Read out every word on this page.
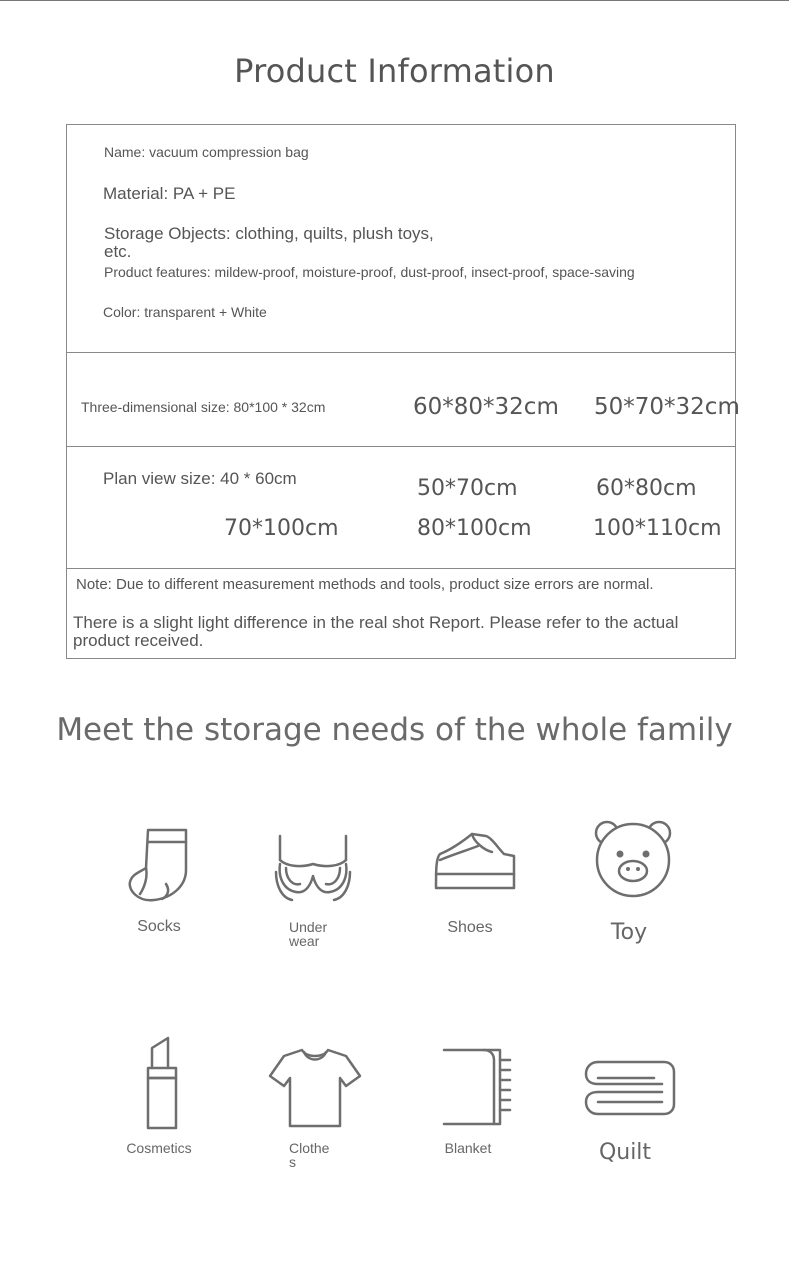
Product Information
Name: vacuum compression bag
Material: PA + PE
Storage Objects: clothing, quilts, plush toys,
etc.
Product features: mildew-proof, moisture-proof, dust-proof, insect-proof, space-saving
Color: transparent + White
Three-dimensional size: 80*100 * 32cm	60*80*32cm 50*70*32cm
Plan view size: 40 * 60cm	50*70cm	60*80cm
70*100cm	80*100cm	100*110cm
Note: Due to different measurement methods and tools, product size errors are normal.
There is a slight light difference in the real shot Report. Please refer to the actual
product received.
Meet the storage needs of the whole family
Socks	Under
wear
Shoes	Toy
Cosmetics	Clothe
s
Blanket	Quilt
